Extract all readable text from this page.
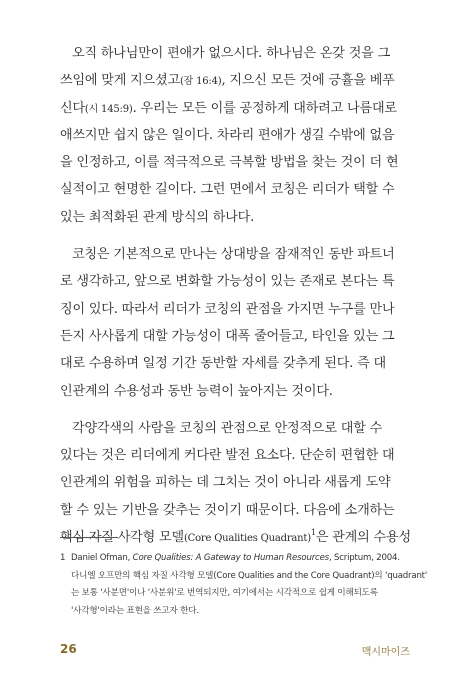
오직 하나님만이 편애가 없으시다. 하나님은 온갖 것을 그
쓰임에 맞게 지으셨고(잠 16:4), 지으신 모든 것에 긍휼을 베푸
신다(시 145:9). 우리는 모든 이를 공정하게 대하려고 나름대로
애쓰지만 쉽지 않은 일이다. 차라리 편애가 생길 수밖에 없음
을 인정하고, 이를 적극적으로 극복할 방법을 찾는 것이 더 현
실적이고 현명한 길이다. 그런 면에서 코칭은 리더가 택할 수
있는 최적화된 관계 방식의 하나다.

코칭은 기본적으로 만나는 상대방을 잠재적인 동반 파트너
로 생각하고, 앞으로 변화할 가능성이 있는 존재로 본다는 특
징이 있다. 따라서 리더가 코칭의 관점을 가지면 누구를 만나
든지 사사롭게 대할 가능성이 대폭 줄어들고, 타인을 있는 그
대로 수용하며 일정 기간 동반할 자세를 갖추게 된다. 즉 대
인관계의 수용성과 동반 능력이 높아지는 것이다.

각양각색의 사람을 코칭의 관점으로 안정적으로 대할 수
있다는 것은 리더에게 커다란 발전 요소다. 단순히 편협한 대
인관계의 위험을 피하는 데 그치는 것이 아니라 새롭게 도약
할 수 있는 기반을 갖추는 것이기 때문이다. 다음에 소개하는
핵심 자질 사각형 모델(Core Qualities Quadrant)$^1$은 관계의 수용성

1 Daniel Ofman, Core Qualities: A Gateway to Human Resources, Scriptum, 2004.
다니엘 오프만의 핵심 자질 사각형 모델(Core Qualities and the Core Quadrant)의 'quadrant'
는 보통 '사분면'이나 '사분위'로 번역되지만, 여기에서는 시각적으로 쉽게 이해되도록
'사각형'이라는 표현을 쓰고자 한다.
26	맥시마이즈
